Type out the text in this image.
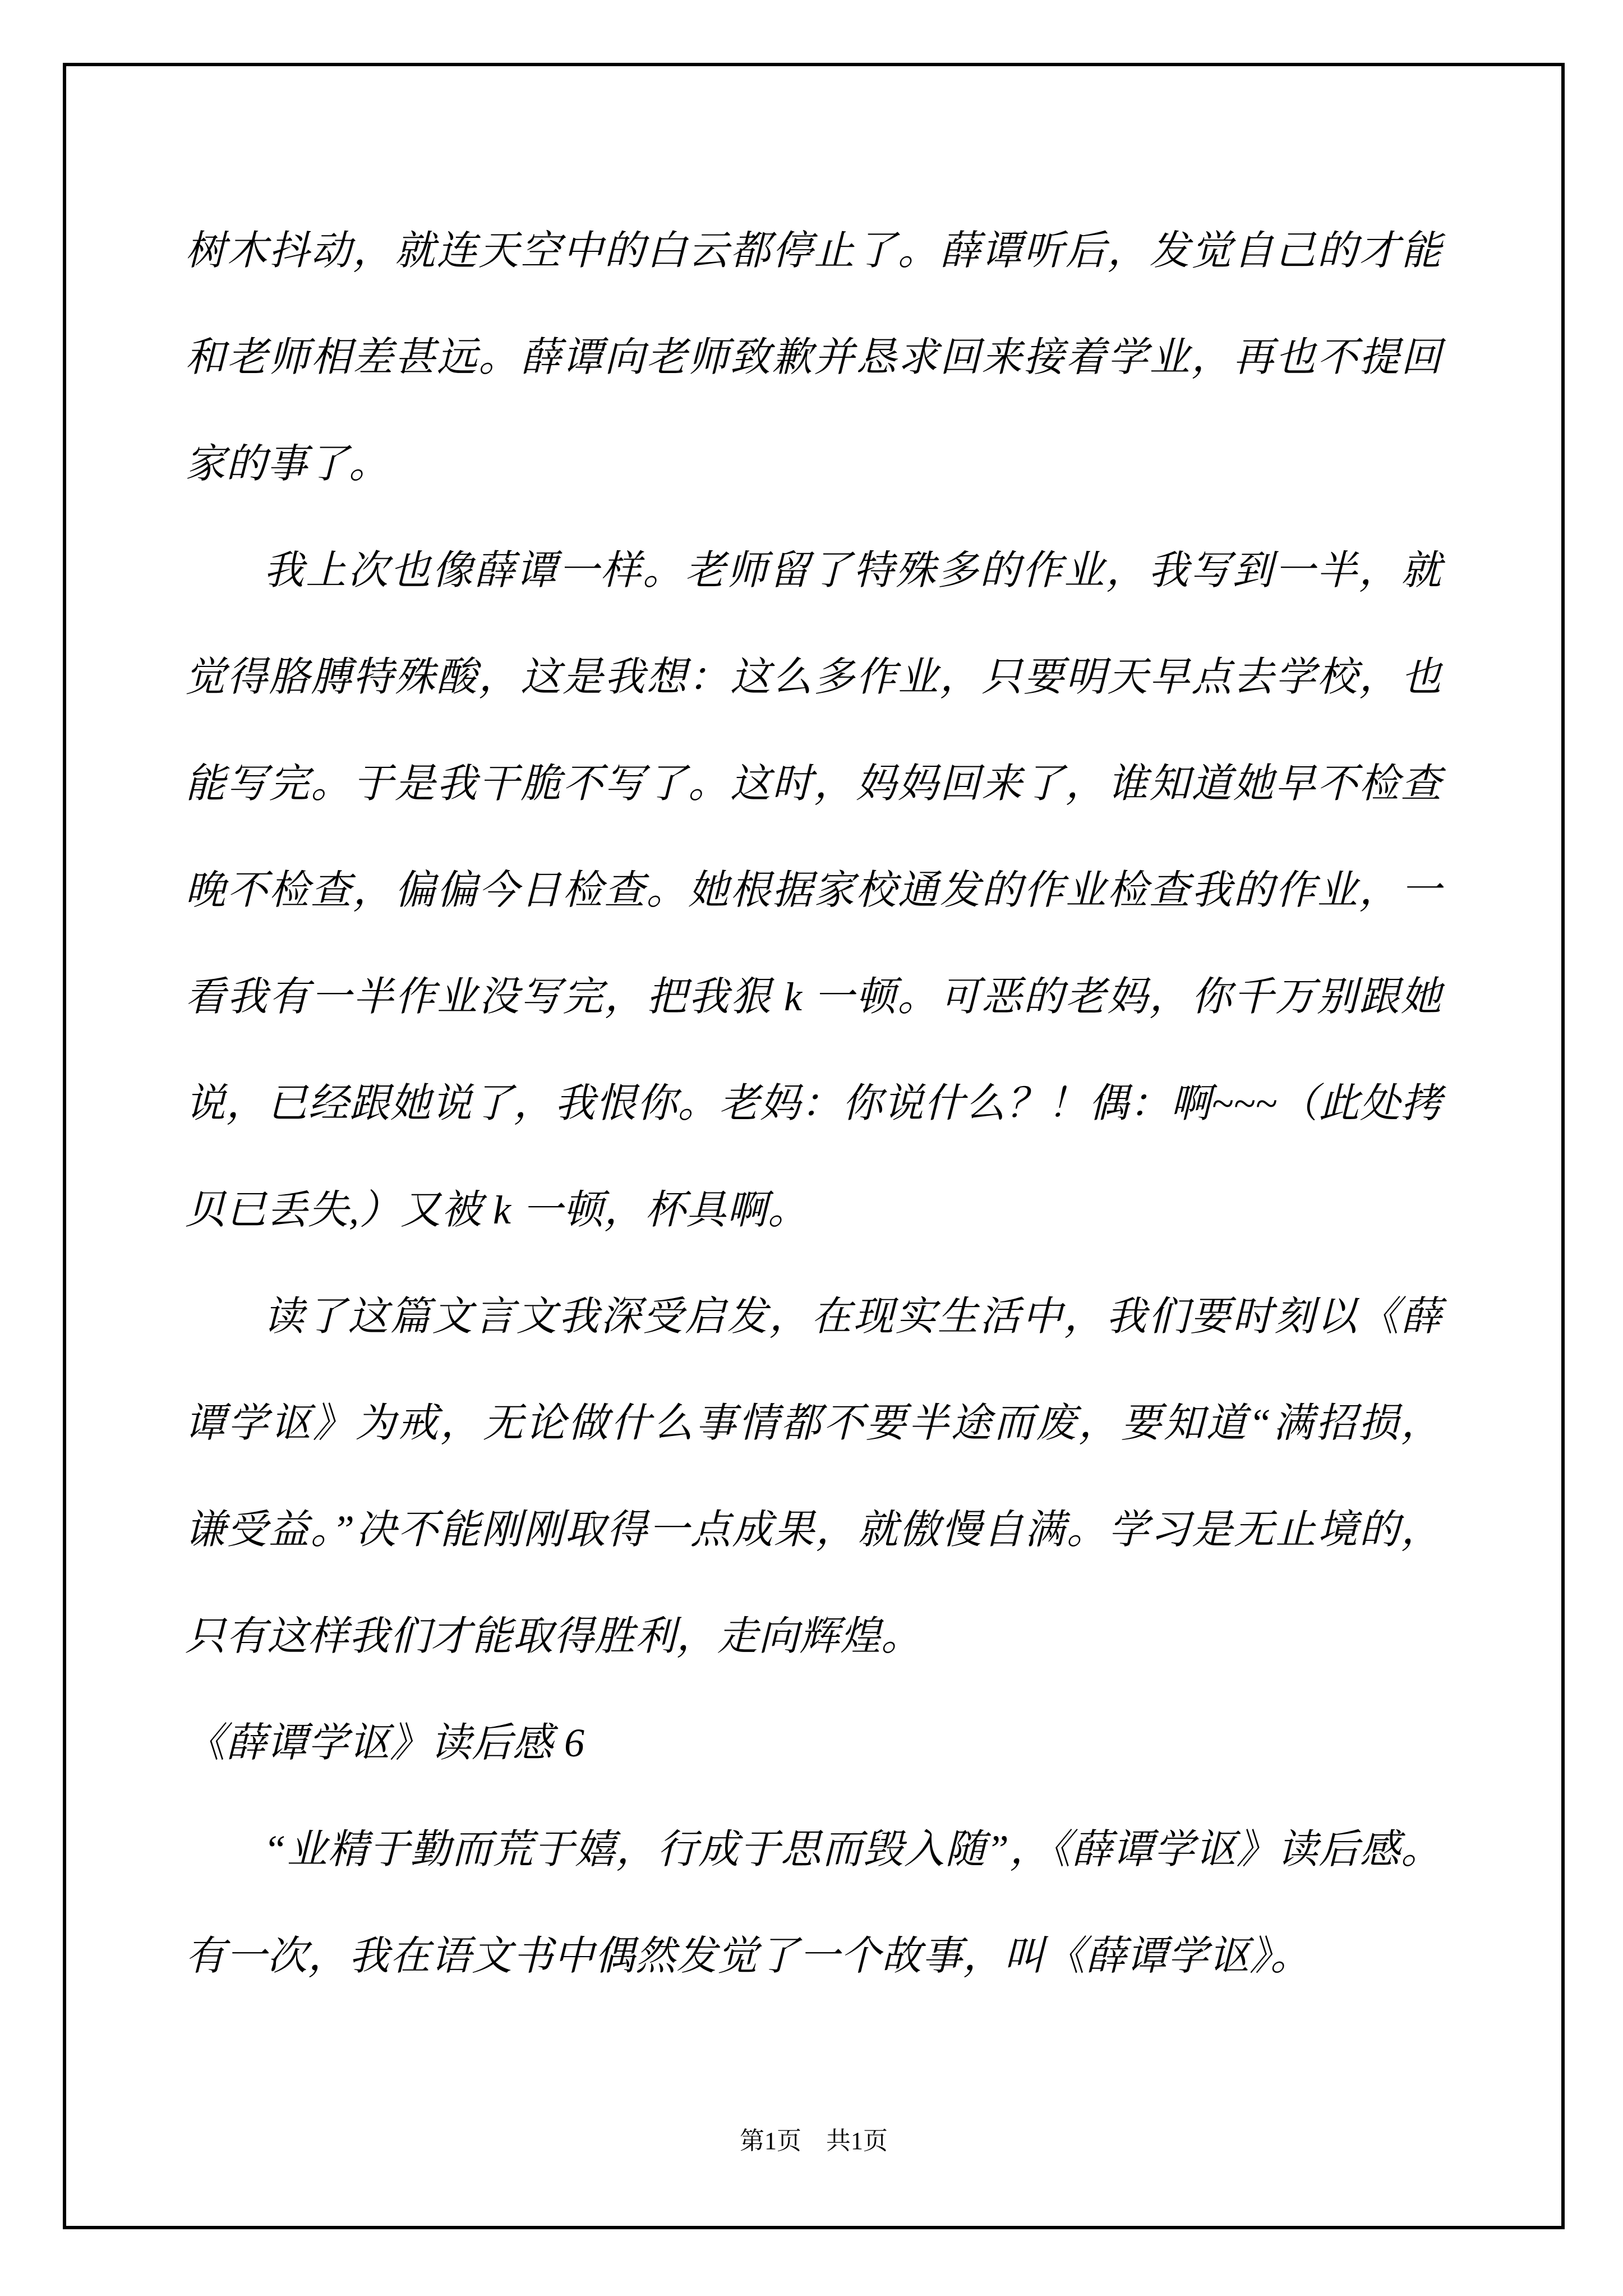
树木抖动，就连天空中的白云都停止了。薛谭听后，发觉自己的才能
和老师相差甚远。薛谭向老师致歉并恳求回来接着学业，再也不提回
家的事了。
我上次也像薛谭一样。老师留了特殊多的作业，我写到一半，就
觉得胳膊特殊酸，这是我想：这么多作业，只要明天早点去学校，也
能写完。于是我干脆不写了。这时，妈妈回来了，谁知道她早不检查
晚不检查，偏偏今日检查。她根据家校通发的作业检查我的作业，一
看我有一半作业没写完，把我狠 k 一顿。可恶的老妈，你千万别跟她
说，已经跟她说了，我恨你。老妈：你说什么？！偶：啊~~~（此处拷
贝已丢失,）又被 k 一顿，杯具啊。
读了这篇文言文我深受启发，在现实生活中，我们要时刻以《薛
谭学讴》为戒，无论做什么事情都不要半途而废，要知道“满招损，
谦受益。”决不能刚刚取得一点成果，就傲慢自满。学习是无止境的，
只有这样我们才能取得胜利，走向辉煌。
《薛谭学讴》读后感 6
“业精于勤而荒于嬉，行成于思而毁入随”，《薛谭学讴》读后感。
有一次，我在语文书中偶然发觉了一个故事，叫《薛谭学讴》。
第1页　共1页
